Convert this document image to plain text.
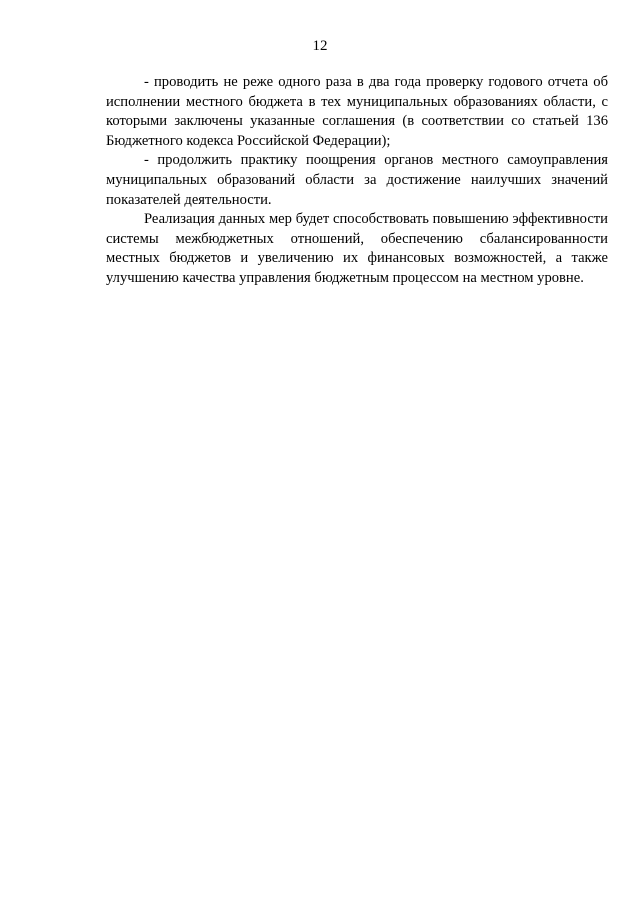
12

- проводить не реже одного раза в два года проверку годового отчета об исполнении местного бюджета в тех муниципальных образованиях области, с которыми заключены указанные соглашения (в соответствии со статьей 136 Бюджетного кодекса Российской Федерации);

- продолжить практику поощрения органов местного самоуправления муниципальных образований области за достижение наилучших значений показателей деятельности.

Реализация данных мер будет способствовать повышению эффективности системы межбюджетных отношений, обеспечению сбалансированности местных бюджетов и увеличению их финансовых возможностей, а также улучшению качества управления бюджетным процессом на местном уровне.
